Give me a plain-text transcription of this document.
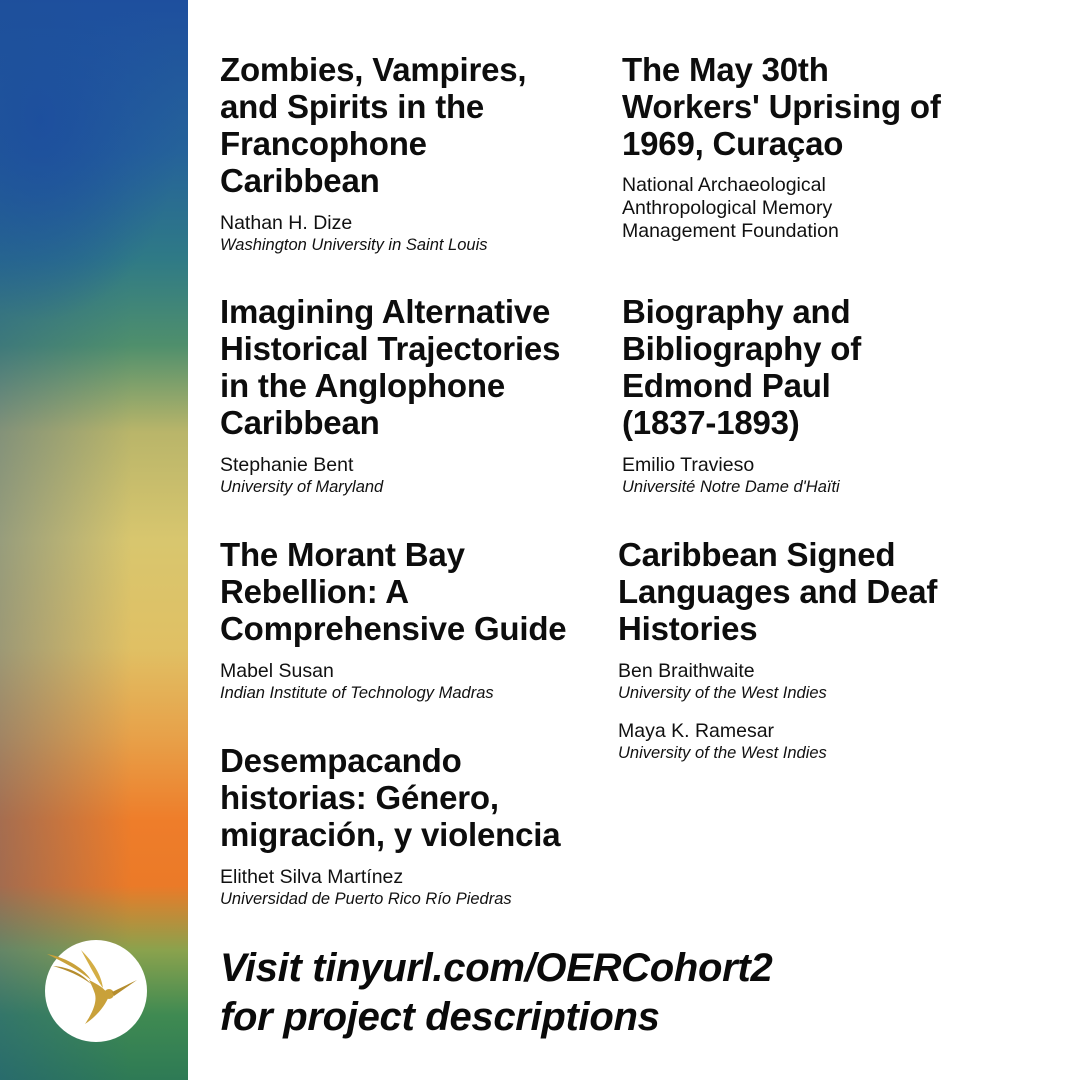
Zombies, Vampires,
and Spirits in the
Francophone
Caribbean
Nathan H. Dize
Washington University in Saint Louis
Imagining Alternative
Historical Trajectories
in the Anglophone
Caribbean
Stephanie Bent
University of Maryland
The Morant Bay
Rebellion: A
Comprehensive Guide
Mabel Susan
Indian Institute of Technology Madras
Desempacando
historias: Género,
migración, y violencia
Elithet Silva Martínez
Universidad de Puerto Rico Río Piedras
The May 30th
Workers' Uprising of
1969, Curaçao
National Archaeological
Anthropological Memory
Management Foundation
Biography and
Bibliography of
Edmond Paul
(1837-1893)
Emilio Travieso
Université Notre Dame d'Haïti
Caribbean Signed
Languages and Deaf
Histories
Ben Braithwaite
University of the West Indies
Maya K. Ramesar
University of the West Indies
Visit tinyurl.com/OERCohort2
for project descriptions
